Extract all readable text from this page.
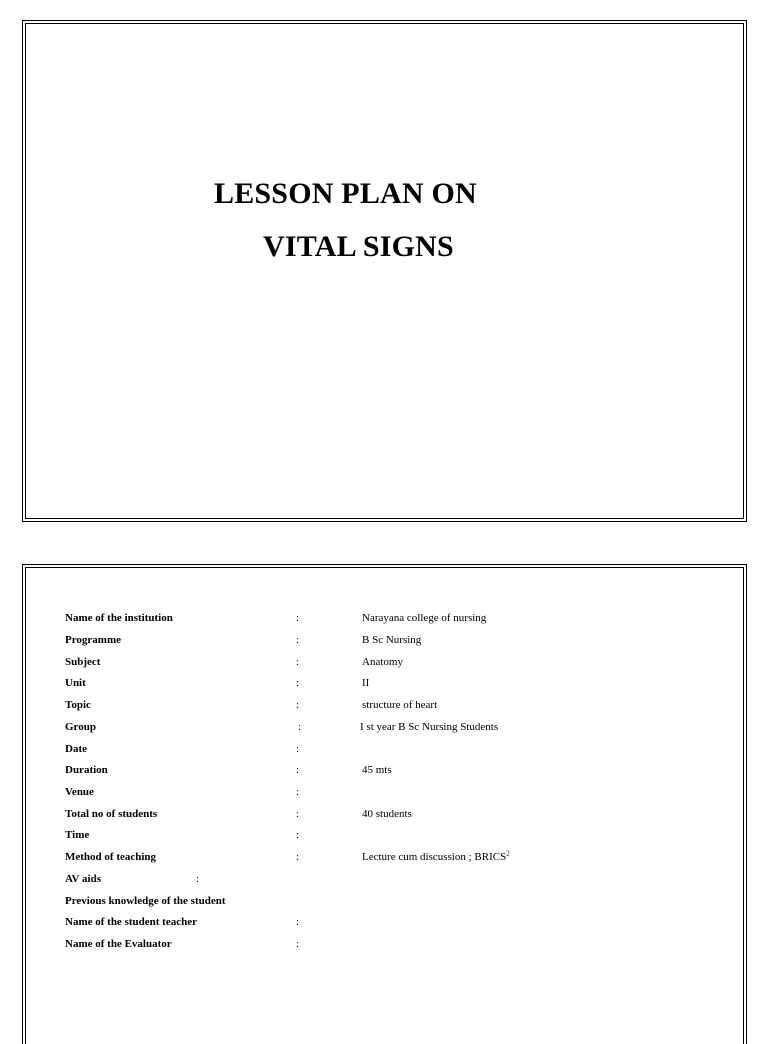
LESSON PLAN ON
VITAL SIGNS
Name of the institution	:	Narayana college of nursing
Programme	:	B Sc Nursing
Subject	:	Anatomy
Unit	:	II
Topic	:	structure of heart
Group	:	I st year B Sc Nursing Students
Date	:
Duration	:	45 mts
Venue	:
Total no of students	:	40 students
Time	:
Method of teaching	:	Lecture cum discussion ; BRICS$^2$
AV aids	:
Previous knowledge of the student
Name of the student teacher	:
Name of the Evaluator	:
